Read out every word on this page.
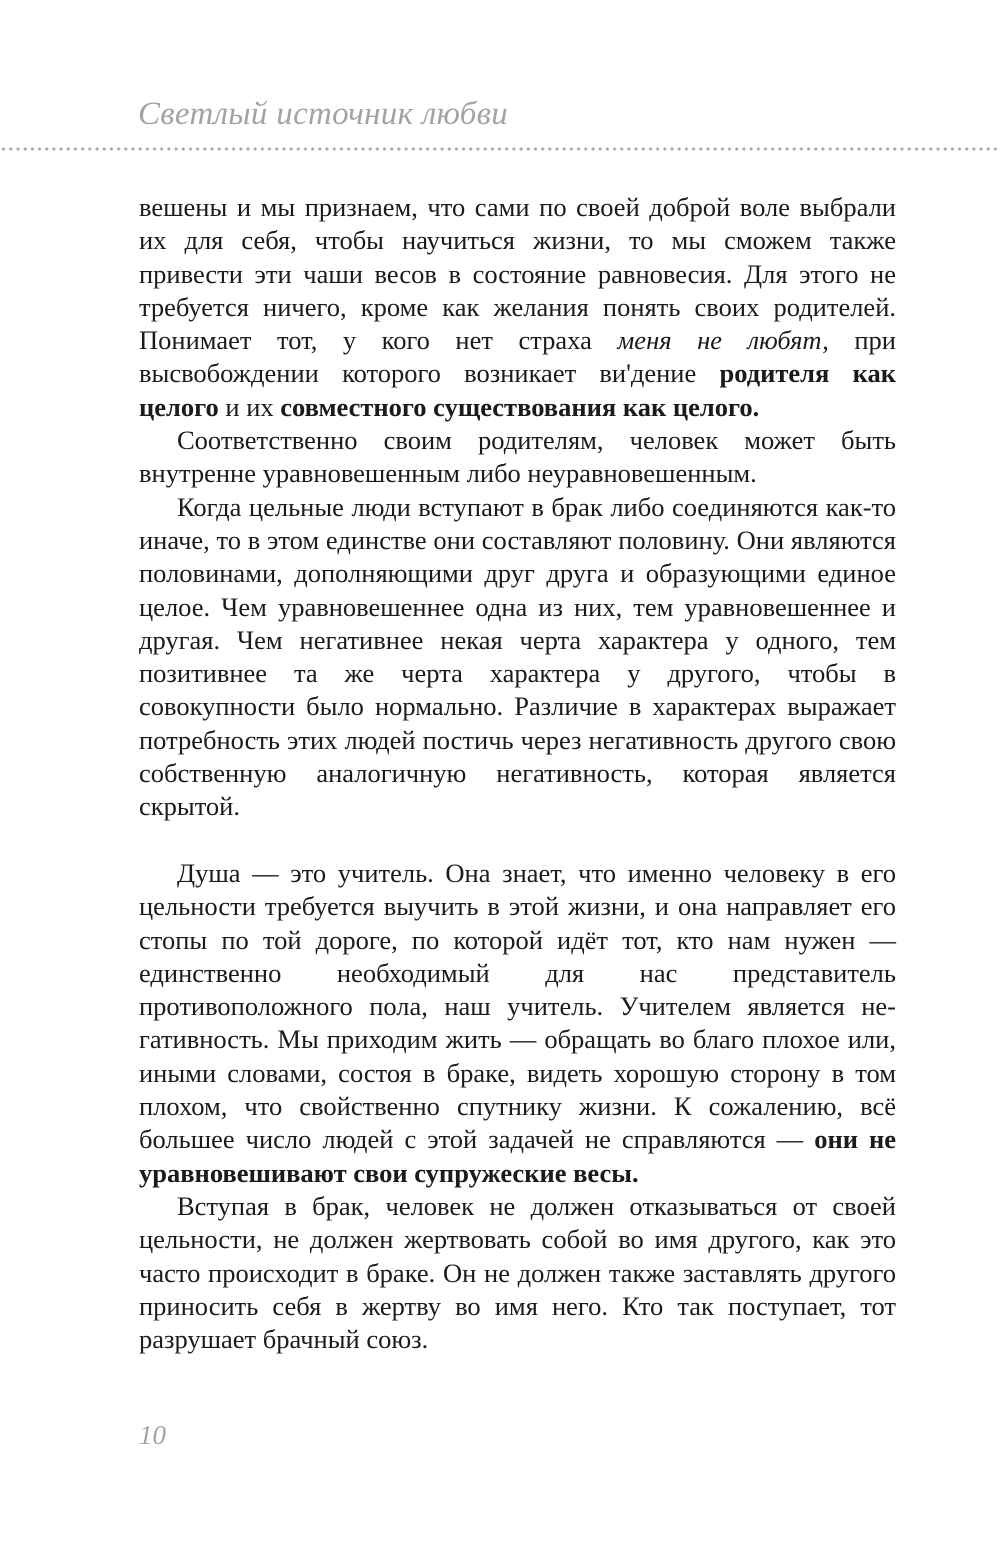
Светлый источник любви

вешены и мы признаем, что сами по своей доброй воле выбрали их для себя, чтобы научиться жизни, то мы сможем также привести эти чаши весов в состояние равновесия. Для этого не требуется ничего, кроме как желания понять своих родителей. Понимает тот, у кого нет страха меня не любят, при высвобождении которого возникает ви'дение родителя как целого и их совместного существования как целого.

Соответственно своим родителям, человек может быть внутренне уравновешенным либо неуравновешенным.

Когда цельные люди вступают в брак либо соединяются как-то иначе, то в этом единстве они составляют половину. Они являются половинами, дополняющими друг друга и образующими единое целое. Чем уравновешеннее одна из них, тем уравновешеннее и другая. Чем негативнее некая черта характера у одного, тем позитивнее та же черта характера у другого, чтобы в совокупности было нормально. Различие в характерах выражает потребность этих людей постичь через негативность другого свою собственную аналогичную негативность, которая является скрытой.

Душа — это учитель. Она знает, что именно человеку в его цельности требуется выучить в этой жизни, и она направляет его стопы по той дороге, по которой идёт тот, кто нам нужен — единственно необходимый для нас представитель противоположного пола, наш учитель. Учителем является негативность. Мы приходим жить — обращать во благо плохое или, иными словами, состоя в браке, видеть хорошую сторону в том плохом, что свойственно спутнику жизни. К сожалению, всё большее число людей с этой задачей не справляются — они не уравновешивают свои супружеские весы.

Вступая в брак, человек не должен отказываться от своей цельности, не должен жертвовать собой во имя другого, как это часто происходит в браке. Он не должен также заставлять другого приносить себя в жертву во имя него. Кто так поступает, тот разрушает брачный союз.

10
